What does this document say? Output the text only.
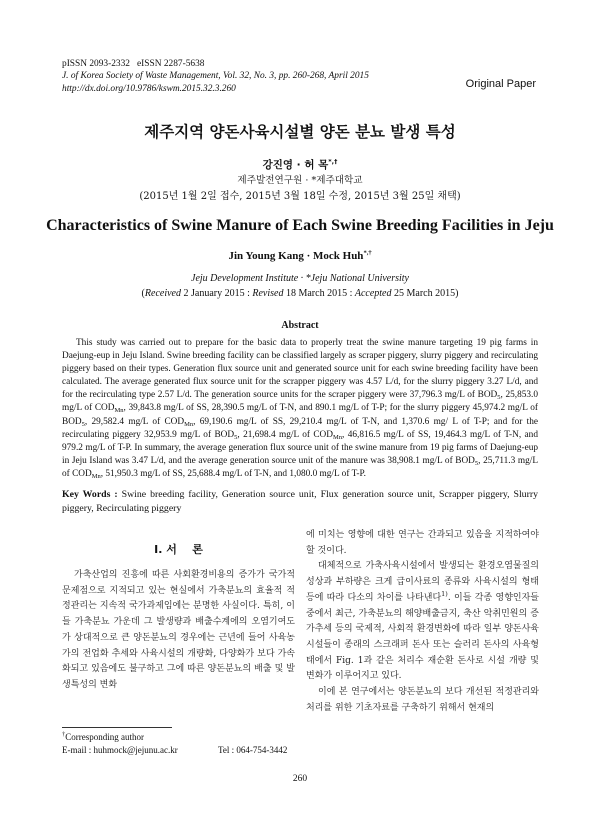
pISSN 2093-2332   eISSN 2287-5638
J. of Korea Society of Waste Management, Vol. 32, No. 3, pp. 260-268, April 2015
http://dx.doi.org/10.9786/kswm.2015.32.3.260	Original Paper
제주지역 양돈사육시설별 양돈 분뇨 발생 특성
강진영 · 허 목*,†
제주발전연구원 · *제주대학교
(2015년 1월 2일 접수, 2015년 3월 18일 수정, 2015년 3월 25일 채택)
Characteristics of Swine Manure of Each Swine Breeding Facilities in Jeju
Jin Young Kang · Mock Huh*,†
Jeju Development Institute · *Jeju National University
(Received 2 January 2015 : Revised 18 March 2015 : Accepted 25 March 2015)
Abstract

This study was carried out to prepare for the basic data to properly treat the swine manure targeting 19 pig farms in Daejung-eup in Jeju Island. Swine breeding facility can be classified largely as scraper piggery, slurry piggery and recirculating piggery based on their types. Generation flux source unit and generated source unit for each swine breeding facility have been calculated. The average generated flux source unit for the scrapper piggery was 4.57 L/d, for the slurry piggery 3.27 L/d, and for the recirculating type 2.57 L/d. The generation source units for the scraper piggery were 37,796.3 mg/L of $BOD_5$, 25,853.0 mg/L of $COD_{Mn}$, 39,843.8 mg/L of SS, 28,390.5 mg/L of T-N, and 890.1 mg/L of T-P; for the slurry piggery 45,974.2 mg/L of $BOD_5$, 29,582.4 mg/L of $COD_{Mn}$, 69,190.6 mg/L of SS, 29,210.4 mg/L of T-N, and 1,370.6 mg/ L of T-P; and for the recirculating piggery 32,953.9 mg/L of $BOD_5$, 21,698.4 mg/L of $COD_{Mn}$, 46,816.5 mg/L of SS, 19,464.3 mg/L of T-N, and 979.2 mg/L of T-P. In summary, the average generation flux source unit of the swine manure from 19 pig farms of Daejung-eup in Jeju Island was 3.47 L/d, and the average generation source unit of the manure was 38,908.1 mg/L of $BOD_5$, 25,711.3 mg/L of $COD_{Mn}$, 51,950.3 mg/L of SS, 25,688.4 mg/L of T-N, and 1,080.0 mg/L of T-P.

Key Words : Swine breeding facility, Generation source unit, Flux generation source unit, Scrapper piggery, Slurry piggery, Recirculating piggery
I. 서    론

가축산업의 진흥에 따른 사회환경비용의 증가가 국가적 문제점으로 지적되고 있는 현실에서 가축분뇨의 효율적 적정관리는 지속적 국가과제임에는 분명한 사실이다. 특히, 이들 가축분뇨 가운데 그 발생량과 배출수계에의 오염기여도가 상대적으로 큰 양돈분뇨의 경우에는 근년에 들어 사육농가의 전업화 추세와 사육시설의 개량화, 다양화가 보다 가속화되고 있음에도 불구하고 그에 따른 양돈분뇨의 배출 및 발생특성의 변화

에 미치는 영향에 대한 연구는 간과되고 있음을 지적하여야 할 것이다.

대체적으로 가축사육시설에서 발생되는 환경오염물질의 성상과 부하량은 크게 급이사료의 종류와 사육시설의 형태 등에 따라 다소의 차이를 나타낸다$^{1)}$. 이들 각종 영향인자들 중에서 최근, 가축분뇨의 해양배출금지, 축산 악취민원의 증가추세 등의 국제적, 사회적 환경변화에 따라 일부 양돈사육시설들이 종래의 스크래퍼 돈사 또는 슬러리 돈사의 사육형태에서 Fig. 1과 같은 처리수 재순환 돈사로 시설 개량 및 변화가 이루어지고 있다.

이에 본 연구에서는 양돈분뇨의 보다 개선된 적정관리와 처리를 위한 기초자료를 구축하기 위해서 현재의

†Corresponding author
E-mail : huhmock@jejunu.ac.kr	Tel : 064-754-3442
260
